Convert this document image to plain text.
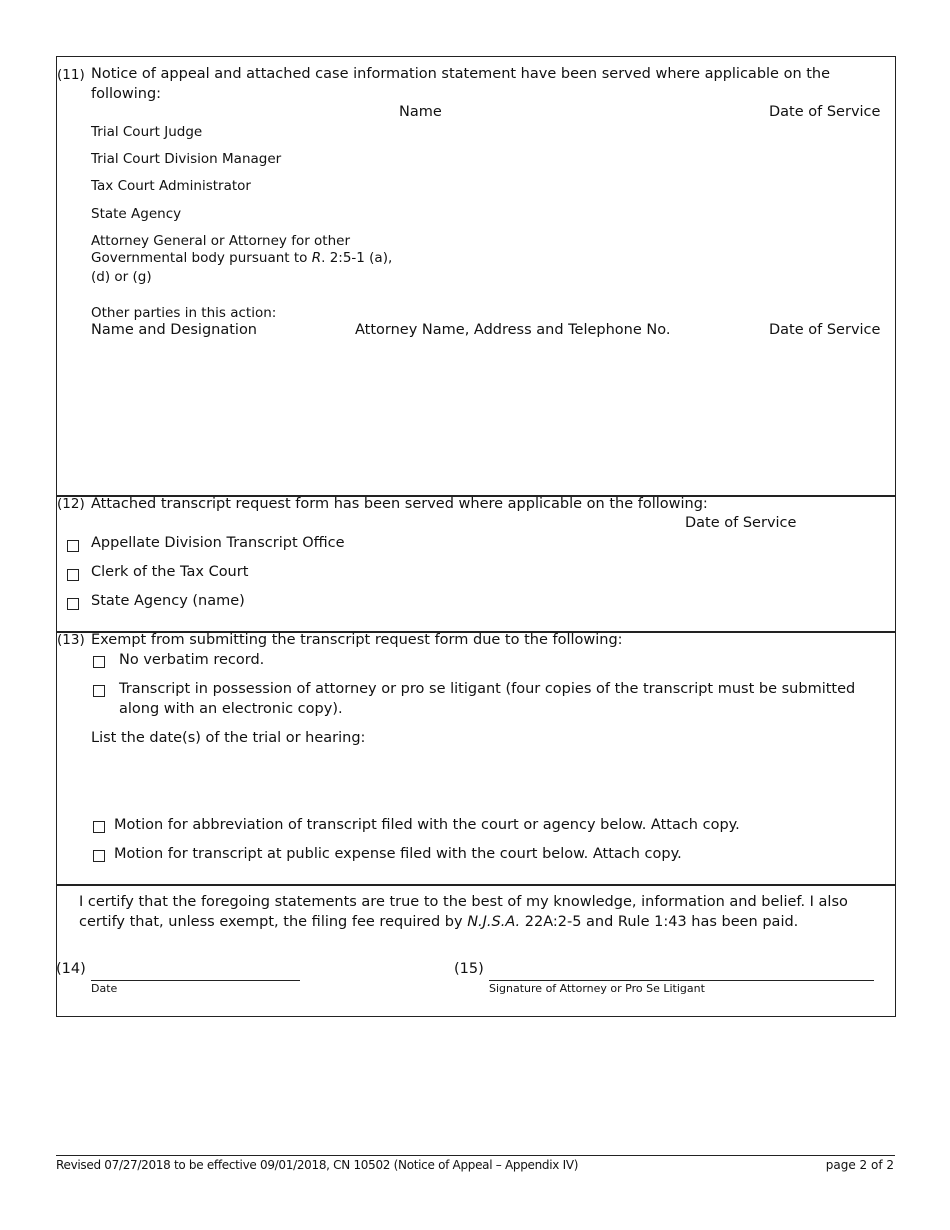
(11) Notice of appeal and attached case information statement have been served where applicable on the
following:
Name	Date of Service
Trial Court Judge
Trial Court Division Manager
Tax Court Administrator
State Agency
Attorney General or Attorney for other
Governmental body pursuant to R. 2:5-1 (a),
(d) or (g)
Other parties in this action:
Name and Designation	Attorney Name, Address and Telephone No.	Date of Service
(12) Attached transcript request form has been served where applicable on the following:
Date of Service
Appellate Division Transcript Office
Clerk of the Tax Court
State Agency (name)
(13) Exempt from submitting the transcript request form due to the following:
No verbatim record.
Transcript in possession of attorney or pro se litigant (four copies of the transcript must be submitted
along with an electronic copy).
List the date(s) of the trial or hearing:
Motion for abbreviation of transcript filed with the court or agency below. Attach copy.
Motion for transcript at public expense filed with the court below. Attach copy.
I certify that the foregoing statements are true to the best of my knowledge, information and belief. I also
certify that, unless exempt, the filing fee required by N.J.S.A. 22A:2-5 and Rule 1:43 has been paid.
(14)
Date
(15)
Signature of Attorney or Pro Se Litigant
Revised 07/27/2018 to be effective 09/01/2018, CN 10502 (Notice of Appeal – Appendix IV)	page 2 of 2
